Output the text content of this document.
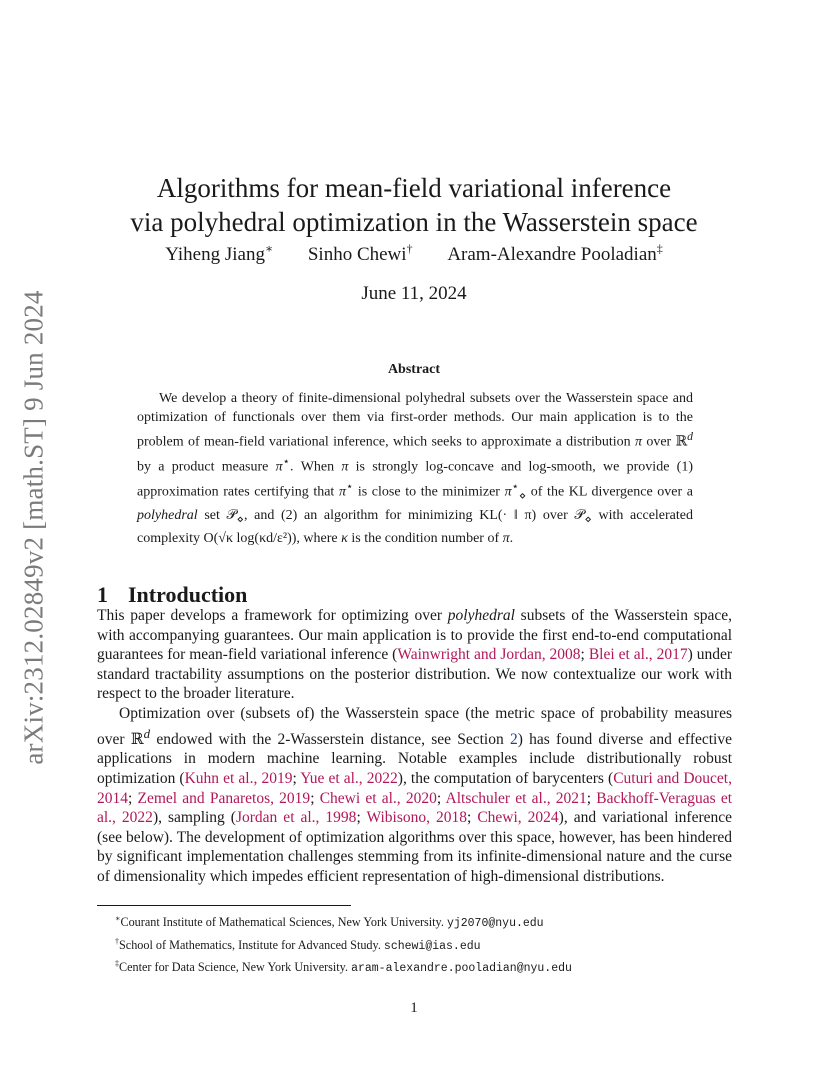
arXiv:2312.02849v2 [math.ST] 9 Jun 2024
Algorithms for mean-field variational inference
via polyhedral optimization in the Wasserstein space
Yiheng Jiang∗ Sinho Chewi† Aram-Alexandre Pooladian‡
June 11, 2024
Abstract

We develop a theory of finite-dimensional polyhedral subsets over the Wasserstein space and optimization of functionals over them via first-order methods. Our main application is to the problem of mean-field variational inference, which seeks to approximate a distribution π over ℝ$^d$ by a product measure π⋆. When π is strongly log-concave and log-smooth, we provide (1) approximation rates certifying that π⋆ is close to the minimizer $\pi^⋆_⋄$ of the KL divergence over a polyhedral set 𝒫$_⋄$, and (2) an algorithm for minimizing KL(· ‖ π) over 𝒫$_⋄$ with accelerated complexity O(√κ log(κd/ε²)), where κ is the condition number of π.

1 Introduction

This paper develops a framework for optimizing over polyhedral subsets of the Wasserstein space, with accompanying guarantees. Our main application is to provide the first end-to-end computational guarantees for mean-field variational inference (Wainwright and Jordan, 2008; Blei et al., 2017) under standard tractability assumptions on the posterior distribution. We now contextualize our work with respect to the broader literature.

Optimization over (subsets of) the Wasserstein space (the metric space of probability measures over ℝ$^d$ endowed with the 2-Wasserstein distance, see Section 2) has found diverse and effective applications in modern machine learning. Notable examples include distributionally robust optimization (Kuhn et al., 2019; Yue et al., 2022), the computation of barycenters (Cuturi and Doucet, 2014; Zemel and Panaretos, 2019; Chewi et al., 2020; Altschuler et al., 2021; Backhoff-Veraguas et al., 2022), sampling (Jordan et al., 1998; Wibisono, 2018; Chewi, 2024), and variational inference (see below). The development of optimization algorithms over this space, however, has been hindered by significant implementation challenges stemming from its infinite-dimensional nature and the curse of dimensionality which impedes efficient representation of high-dimensional distributions.

∗Courant Institute of Mathematical Sciences, New York University. yj2070@nyu.edu
†School of Mathematics, Institute for Advanced Study. schewi@ias.edu
‡Center for Data Science, New York University. aram-alexandre.pooladian@nyu.edu
1
